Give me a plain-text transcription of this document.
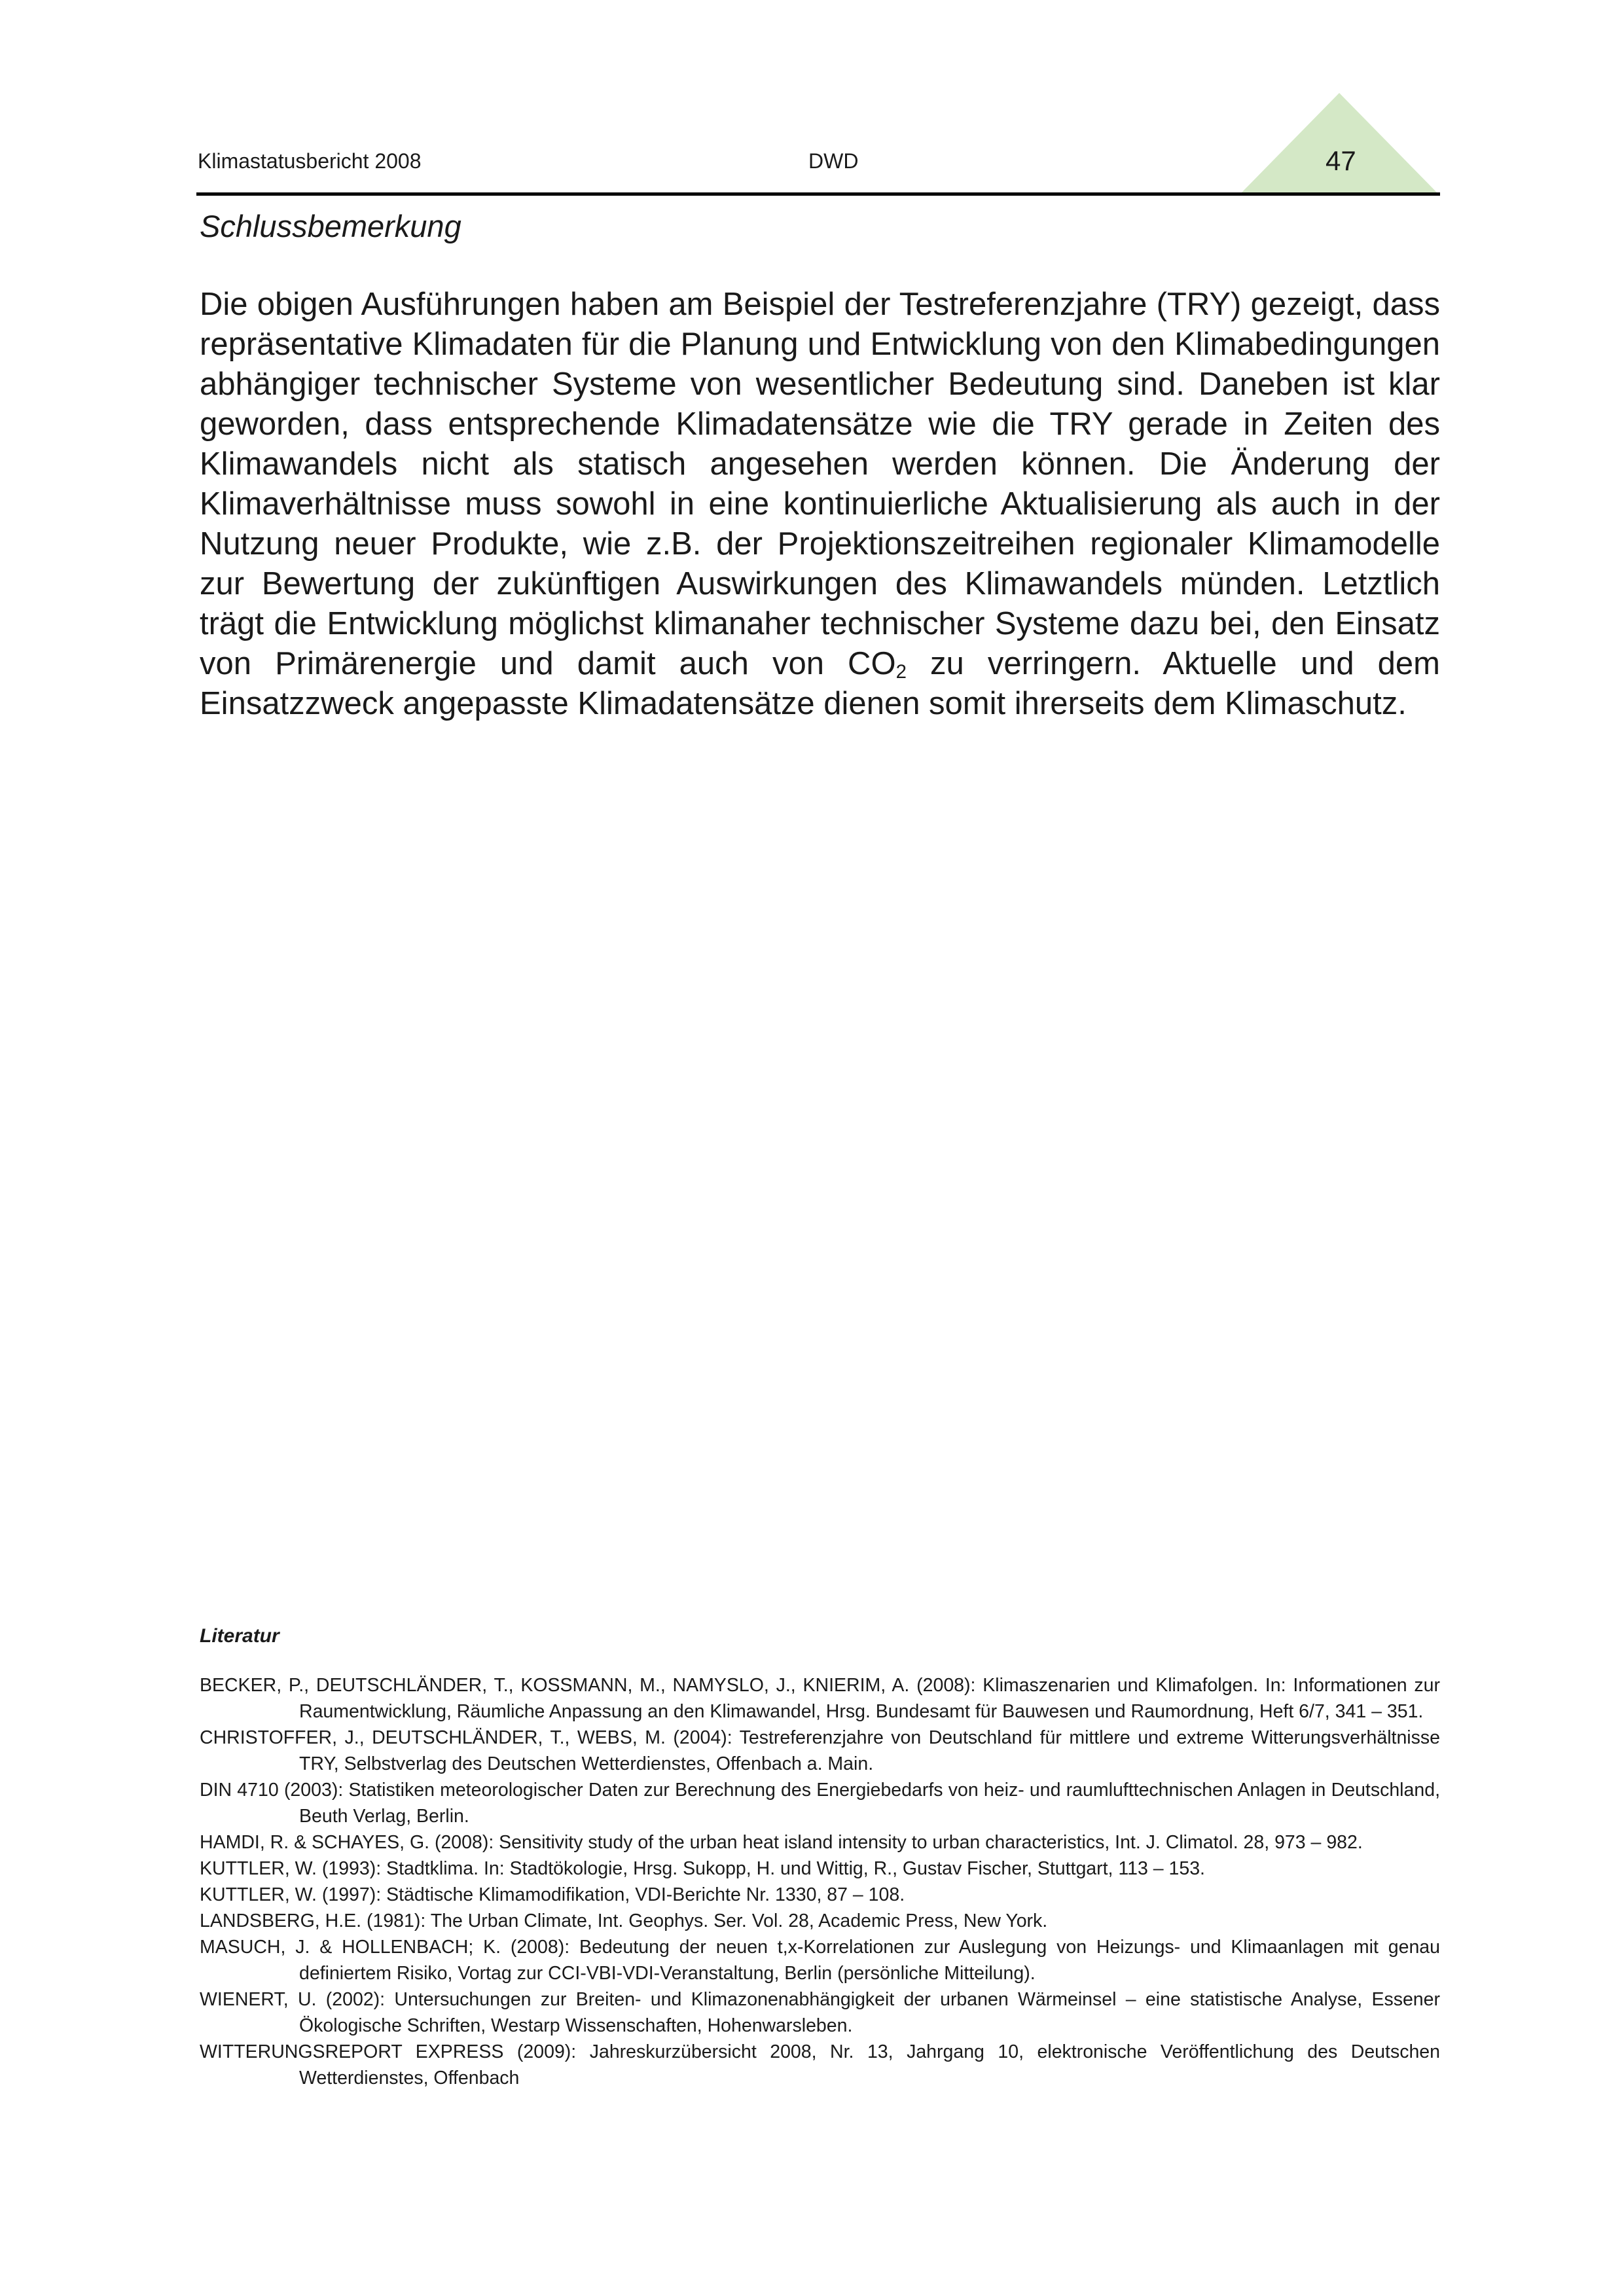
Klimastatusbericht 2008	DWD	47
Schlussbemerkung

Die obigen Ausführungen haben am Beispiel der Testreferenzjahre (TRY) gezeigt, dass repräsentative Klimadaten für die Planung und Entwicklung von den Klimabedingungen abhängiger technischer Systeme von wesentlicher Bedeutung sind. Daneben ist klar geworden, dass entsprechende Klimadatensätze wie die TRY gerade in Zeiten des Klimawandels nicht als statisch angesehen werden können. Die Änderung der Klimaverhältnisse muss sowohl in eine kontinuierliche Aktualisierung als auch in der Nutzung neuer Produkte, wie z.B. der Projektionszeitreihen regionaler Klimamodelle zur Bewertung der zukünftigen Auswirkungen des Klimawandels münden. Letztlich trägt die Entwicklung möglichst klimanaher technischer Systeme dazu bei, den Einsatz von Primärenergie und damit auch von $CO_2$ zu verringern. Aktuelle und dem Einsatzzweck angepasste Klimadatensätze dienen somit ihrerseits dem Klimaschutz.

Literatur
BECKER, P., DEUTSCHLÄNDER, T., KOSSMANN, M., NAMYSLO, J., KNIERIM, A. (2008): Klimaszenarien und Klimafolgen. In: Informationen zur Raumentwicklung, Räumliche Anpassung an den Klimawandel, Hrsg. Bundesamt für Bauwesen und Raumordnung, Heft 6/7, 341 – 351.
CHRISTOFFER, J., DEUTSCHLÄNDER, T., WEBS, M. (2004): Testreferenzjahre von Deutschland für mittlere und extreme Witterungsverhältnisse TRY, Selbstverlag des Deutschen Wetterdienstes, Offenbach a. Main.
DIN 4710 (2003): Statistiken meteorologischer Daten zur Berechnung des Energiebedarfs von heiz- und raumlufttechnischen Anlagen in Deutschland, Beuth Verlag, Berlin.
HAMDI, R. & SCHAYES, G. (2008): Sensitivity study of the urban heat island intensity to urban characteristics, Int. J. Climatol. 28, 973 – 982.
KUTTLER, W. (1993): Stadtklima. In: Stadtökologie, Hrsg. Sukopp, H. und Wittig, R., Gustav Fischer, Stuttgart, 113 – 153.
KUTTLER, W. (1997): Städtische Klimamodifikation, VDI-Berichte Nr. 1330, 87 – 108.
LANDSBERG, H.E. (1981): The Urban Climate, Int. Geophys. Ser. Vol. 28, Academic Press, New York.
MASUCH, J. & HOLLENBACH; K. (2008): Bedeutung der neuen t,x-Korrelationen zur Auslegung von Heizungs- und Klimaanlagen mit genau definiertem Risiko, Vortag zur CCI-VBI-VDI-Veranstaltung, Berlin (persönliche Mitteilung).
WIENERT, U. (2002): Untersuchungen zur Breiten- und Klimazonenabhängigkeit der urbanen Wärmeinsel – eine statistische Analyse, Essener Ökologische Schriften, Westarp Wissenschaften, Hohenwarsleben.
WITTERUNGSREPORT EXPRESS (2009): Jahreskurzübersicht 2008, Nr. 13, Jahrgang 10, elektronische Veröffentlichung des Deutschen Wetterdienstes, Offenbach
